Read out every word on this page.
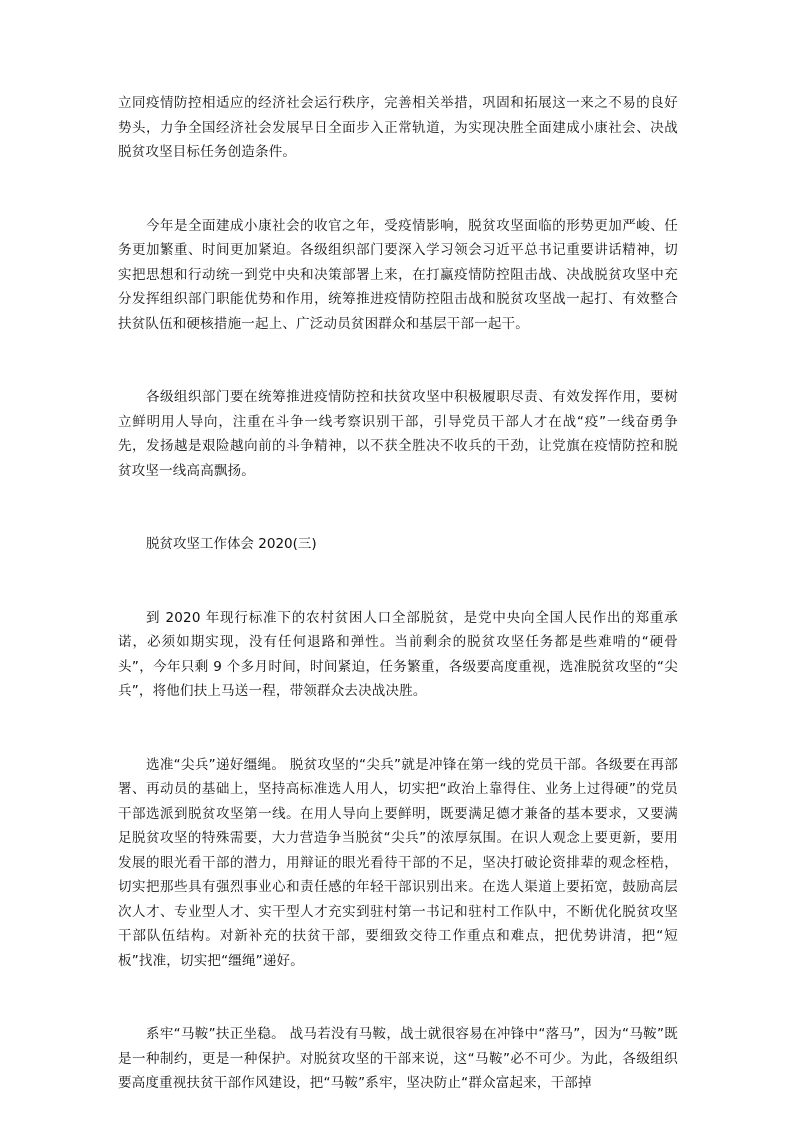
立同疫情防控相适应的经济社会运行秩序，完善相关举措，巩固和拓展这一来之不易的良好势头，力争全国经济社会发展早日全面步入正常轨道，为实现决胜全面建成小康社会、决战脱贫攻坚目标任务创造条件。

今年是全面建成小康社会的收官之年，受疫情影响，脱贫攻坚面临的形势更加严峻、任务更加繁重、时间更加紧迫。各级组织部门要深入学习领会习近平总书记重要讲话精神，切实把思想和行动统一到党中央和决策部署上来，在打赢疫情防控阻击战、决战脱贫攻坚中充分发挥组织部门职能优势和作用，统筹推进疫情防控阻击战和脱贫攻坚战一起打、有效整合扶贫队伍和硬核措施一起上、广泛动员贫困群众和基层干部一起干。

各级组织部门要在统筹推进疫情防控和扶贫攻坚中积极履职尽责、有效发挥作用，要树立鲜明用人导向，注重在斗争一线考察识别干部，引导党员干部人才在战“疫”一线奋勇争先，发扬越是艰险越向前的斗争精神，以不获全胜决不收兵的干劲，让党旗在疫情防控和脱贫攻坚一线高高飘扬。

脱贫攻坚工作体会 2020(三)

到 2020 年现行标准下的农村贫困人口全部脱贫，是党中央向全国人民作出的郑重承诺，必须如期实现，没有任何退路和弹性。当前剩余的脱贫攻坚任务都是些难啃的“硬骨头”，今年只剩 9 个多月时间，时间紧迫，任务繁重，各级要高度重视，选准脱贫攻坚的“尖兵”，将他们扶上马送一程，带领群众去决战决胜。

选准“尖兵”递好缰绳。 脱贫攻坚的“尖兵”就是冲锋在第一线的党员干部。各级要在再部署、再动员的基础上，坚持高标准选人用人，切实把“政治上靠得住、业务上过得硬”的党员干部选派到脱贫攻坚第一线。在用人导向上要鲜明，既要满足德才兼备的基本要求，又要满足脱贫攻坚的特殊需要，大力营造争当脱贫“尖兵”的浓厚氛围。在识人观念上要更新，要用发展的眼光看干部的潜力，用辩证的眼光看待干部的不足，坚决打破论资排辈的观念桎梏，切实把那些具有强烈事业心和责任感的年轻干部识别出来。在选人渠道上要拓宽，鼓励高层次人才、专业型人才、实干型人才充实到驻村第一书记和驻村工作队中，不断优化脱贫攻坚干部队伍结构。对新补充的扶贫干部，要细致交待工作重点和难点，把优势讲清，把“短板”找准，切实把“缰绳”递好。

系牢“马鞍”扶正坐稳。 战马若没有马鞍，战士就很容易在冲锋中“落马”，因为“马鞍”既是一种制约，更是一种保护。对脱贫攻坚的干部来说，这“马鞍”必不可少。为此，各级组织要高度重视扶贫干部作风建设，把“马鞍”系牢，坚决防止“群众富起来，干部掉
